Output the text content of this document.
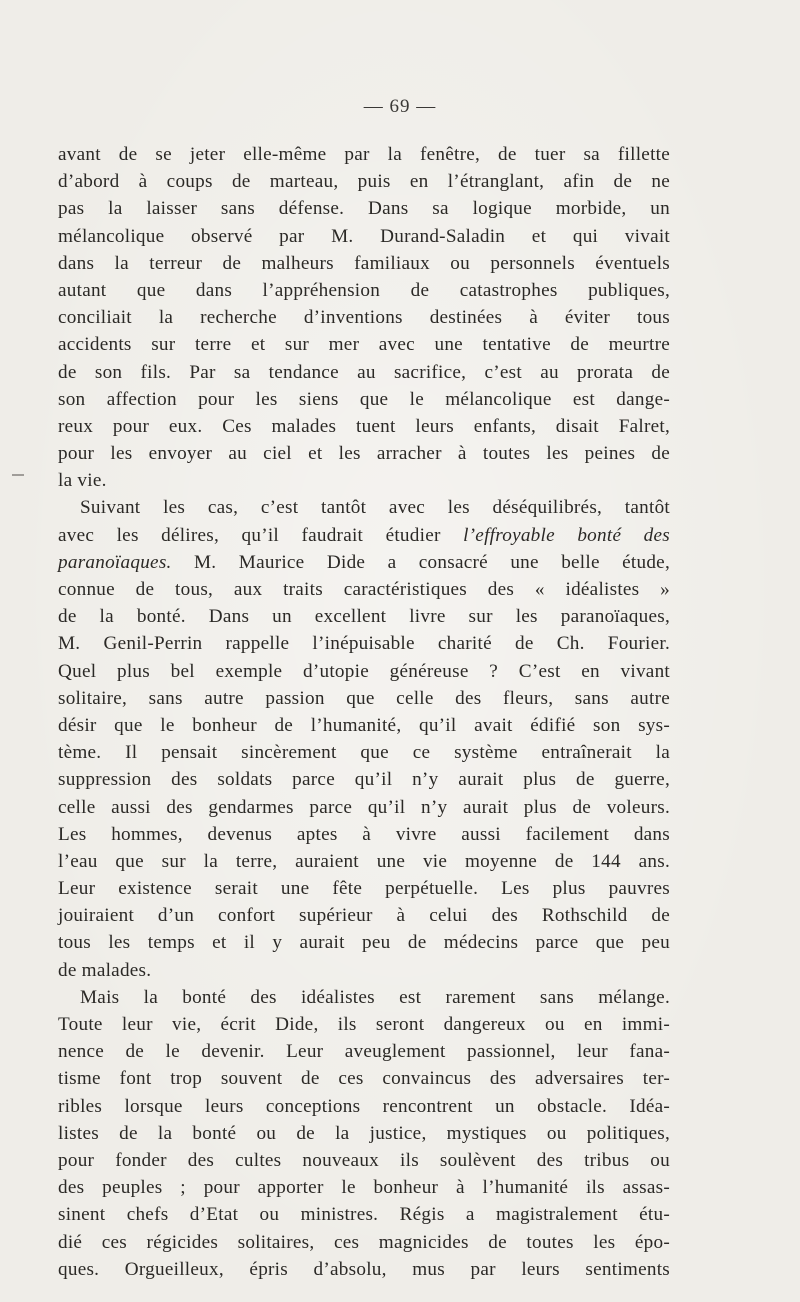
— 69 —
avant de se jeter elle-même par la fenêtre, de tuer sa fillette
d’abord à coups de marteau, puis en l’étranglant, afin de ne
pas la laisser sans défense. Dans sa logique morbide, un
mélancolique observé par M. Durand-Saladin et qui vivait
dans la terreur de malheurs familiaux ou personnels éventuels
autant que dans l’appréhension de catastrophes publiques,
conciliait la recherche d’inventions destinées à éviter tous
accidents sur terre et sur mer avec une tentative de meurtre
de son fils. Par sa tendance au sacrifice, c’est au prorata de
son affection pour les siens que le mélancolique est dange-
reux pour eux. Ces malades tuent leurs enfants, disait Falret,
pour les envoyer au ciel et les arracher à toutes les peines de
la vie.
Suivant les cas, c’est tantôt avec les déséquilibrés, tantôt
avec les délires, qu’il faudrait étudier l’effroyable bonté des
paranoïaques. M. Maurice Dide a consacré une belle étude,
connue de tous, aux traits caractéristiques des « idéalistes »
de la bonté. Dans un excellent livre sur les paranoïaques,
M. Genil-Perrin rappelle l’inépuisable charité de Ch. Fourier.
Quel plus bel exemple d’utopie généreuse ? C’est en vivant
solitaire, sans autre passion que celle des fleurs, sans autre
désir que le bonheur de l’humanité, qu’il avait édifié son sys-
tème. Il pensait sincèrement que ce système entraînerait la
suppression des soldats parce qu’il n’y aurait plus de guerre,
celle aussi des gendarmes parce qu’il n’y aurait plus de voleurs.
Les hommes, devenus aptes à vivre aussi facilement dans
l’eau que sur la terre, auraient une vie moyenne de 144 ans.
Leur existence serait une fête perpétuelle. Les plus pauvres
jouiraient d’un confort supérieur à celui des Rothschild de
tous les temps et il y aurait peu de médecins parce que peu
de malades.
Mais la bonté des idéalistes est rarement sans mélange.
Toute leur vie, écrit Dide, ils seront dangereux ou en immi-
nence de le devenir. Leur aveuglement passionnel, leur fana-
tisme font trop souvent de ces convaincus des adversaires ter-
ribles lorsque leurs conceptions rencontrent un obstacle. Idéa-
listes de la bonté ou de la justice, mystiques ou politiques,
pour fonder des cultes nouveaux ils soulèvent des tribus ou
des peuples ; pour apporter le bonheur à l’humanité ils assas-
sinent chefs d’Etat ou ministres. Régis a magistralement étu-
dié ces régicides solitaires, ces magnicides de toutes les épo-
ques. Orgueilleux, épris d’absolu, mus par leurs sentiments
